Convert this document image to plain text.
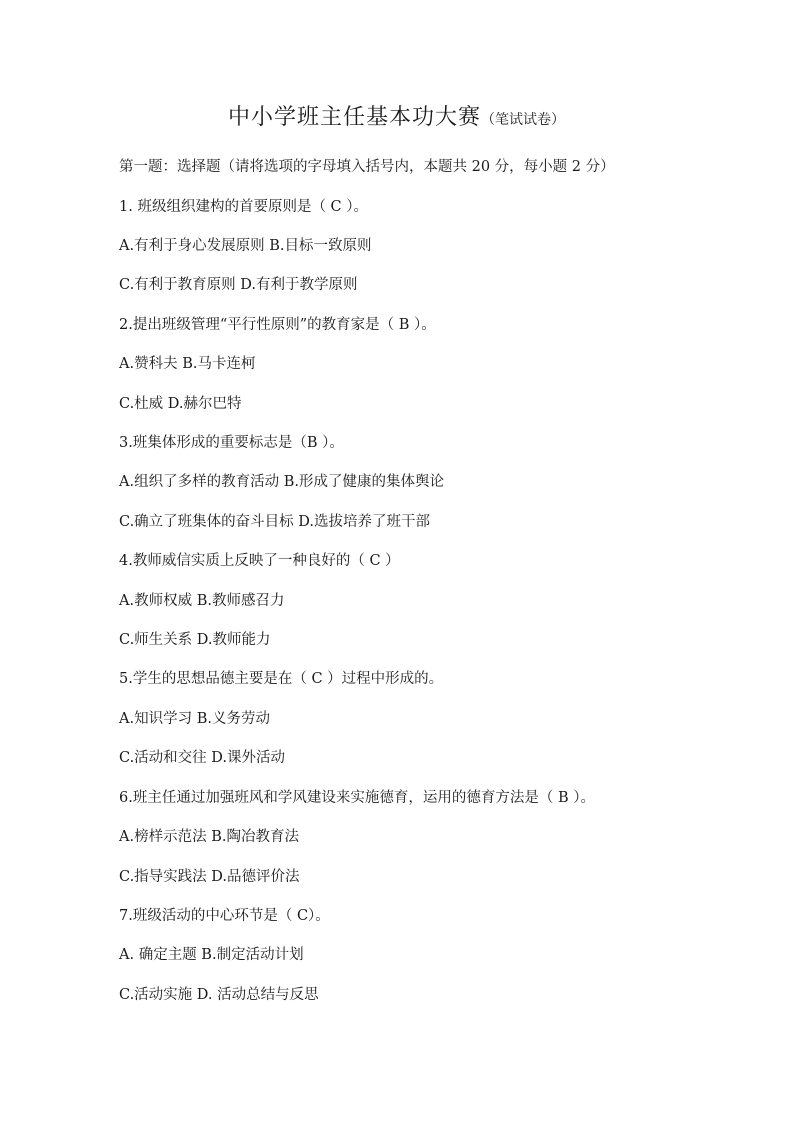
中小学班主任基本功大赛（笔试试卷）
第一题：选择题（请将选项的字母填入括号内，本题共 20 分，每小题 2 分）
1. 班级组织建构的首要原则是（ C ）。
A.有利于身心发展原则 B.目标一致原则
C.有利于教育原则 D.有利于教学原则
2.提出班级管理“平行性原则”的教育家是（ B ）。
A.赞科夫 B.马卡连柯
C.杜威 D.赫尔巴特
3.班集体形成的重要标志是（B ）。
A.组织了多样的教育活动 B.形成了健康的集体舆论
C.确立了班集体的奋斗目标 D.选拔培养了班干部
4.教师威信实质上反映了一种良好的（ C ）
A.教师权威 B.教师感召力
C.师生关系 D.教师能力
5.学生的思想品德主要是在（ C ）过程中形成的。
A.知识学习 B.义务劳动
C.活动和交往 D.课外活动
6.班主任通过加强班风和学风建设来实施德育，运用的德育方法是（ B ）。
A.榜样示范法 B.陶冶教育法
C.指导实践法 D.品德评价法
7.班级活动的中心环节是（ C）。
A. 确定主题 B.制定活动计划
C.活动实施 D. 活动总结与反思
